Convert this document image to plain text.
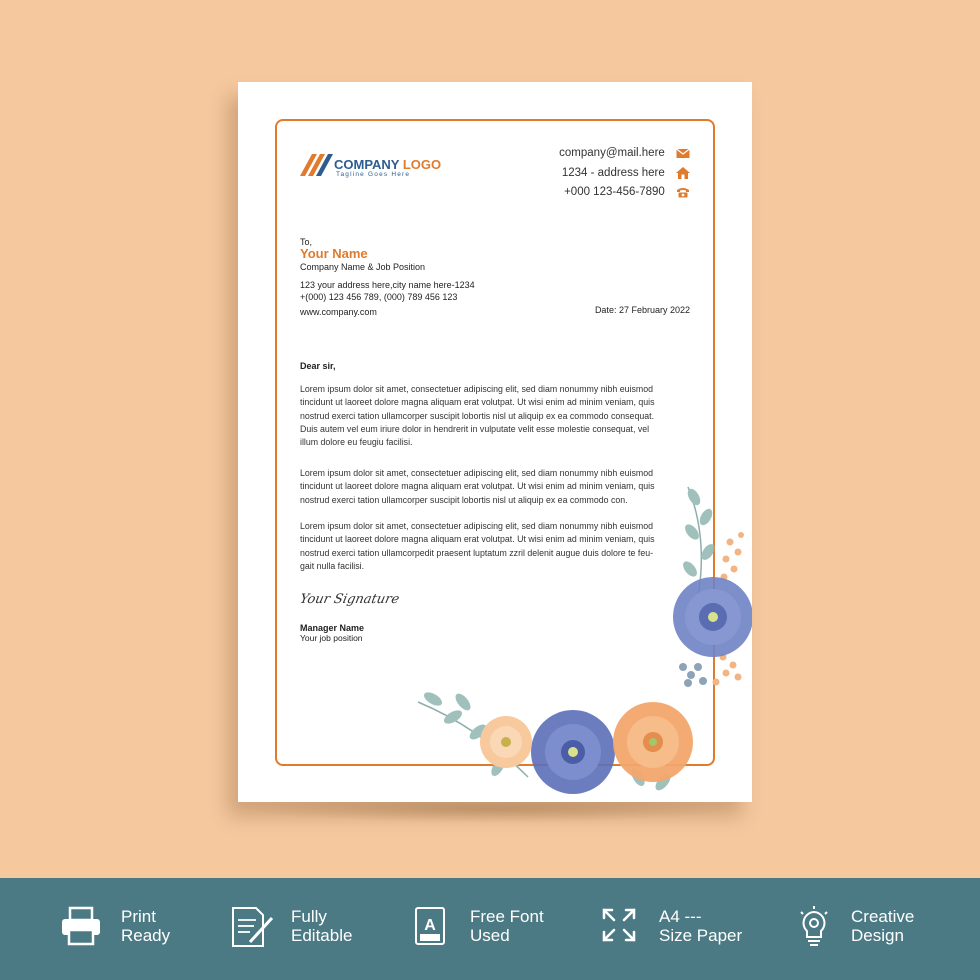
COMPANY LOGO
Tagline Goes Here
company@mail.here
1234 - address here
+000 123-456-7890
To,
Your Name
Company Name & Job Position
123 your address here,city name here-1234
+(000) 123 456 789, (000) 789 456 123
www.company.com	Date: 27 February 2022
Dear sir,
Lorem ipsum dolor sit amet, consectetuer adipiscing elit, sed diam nonummy nibh euismod
tincidunt ut laoreet dolore magna aliquam erat volutpat. Ut wisi enim ad minim veniam, quis
nostrud exerci tation ullamcorper suscipit lobortis nisl ut aliquip ex ea commodo consequat.
Duis autem vel eum iriure dolor in hendrerit in vulputate velit esse molestie consequat, vel
illum dolore eu feugiu facilisi.
Lorem ipsum dolor sit amet, consectetuer adipiscing elit, sed diam nonummy nibh euismod
tincidunt ut laoreet dolore magna aliquam erat volutpat. Ut wisi enim ad minim veniam, quis
nostrud exerci tation ullamcorper suscipit lobortis nisl ut aliquip ex ea commodo con.
Lorem ipsum dolor sit amet, consectetuer adipiscing elit, sed diam nonummy nibh euismod
tincidunt ut laoreet dolore magna aliquam erat volutpat. Ut wisi enim ad minim veniam, quis
nostrud exerci tation ullamcorpedit praesent luptatum zzril delenit augue duis dolore te feu-
gait nulla facilisi.
Your Signature
Manager Name
Your job position
Print
Ready
Fully
Editable
A Free Font
Used
A4 ---
Size Paper
Creative
Design
